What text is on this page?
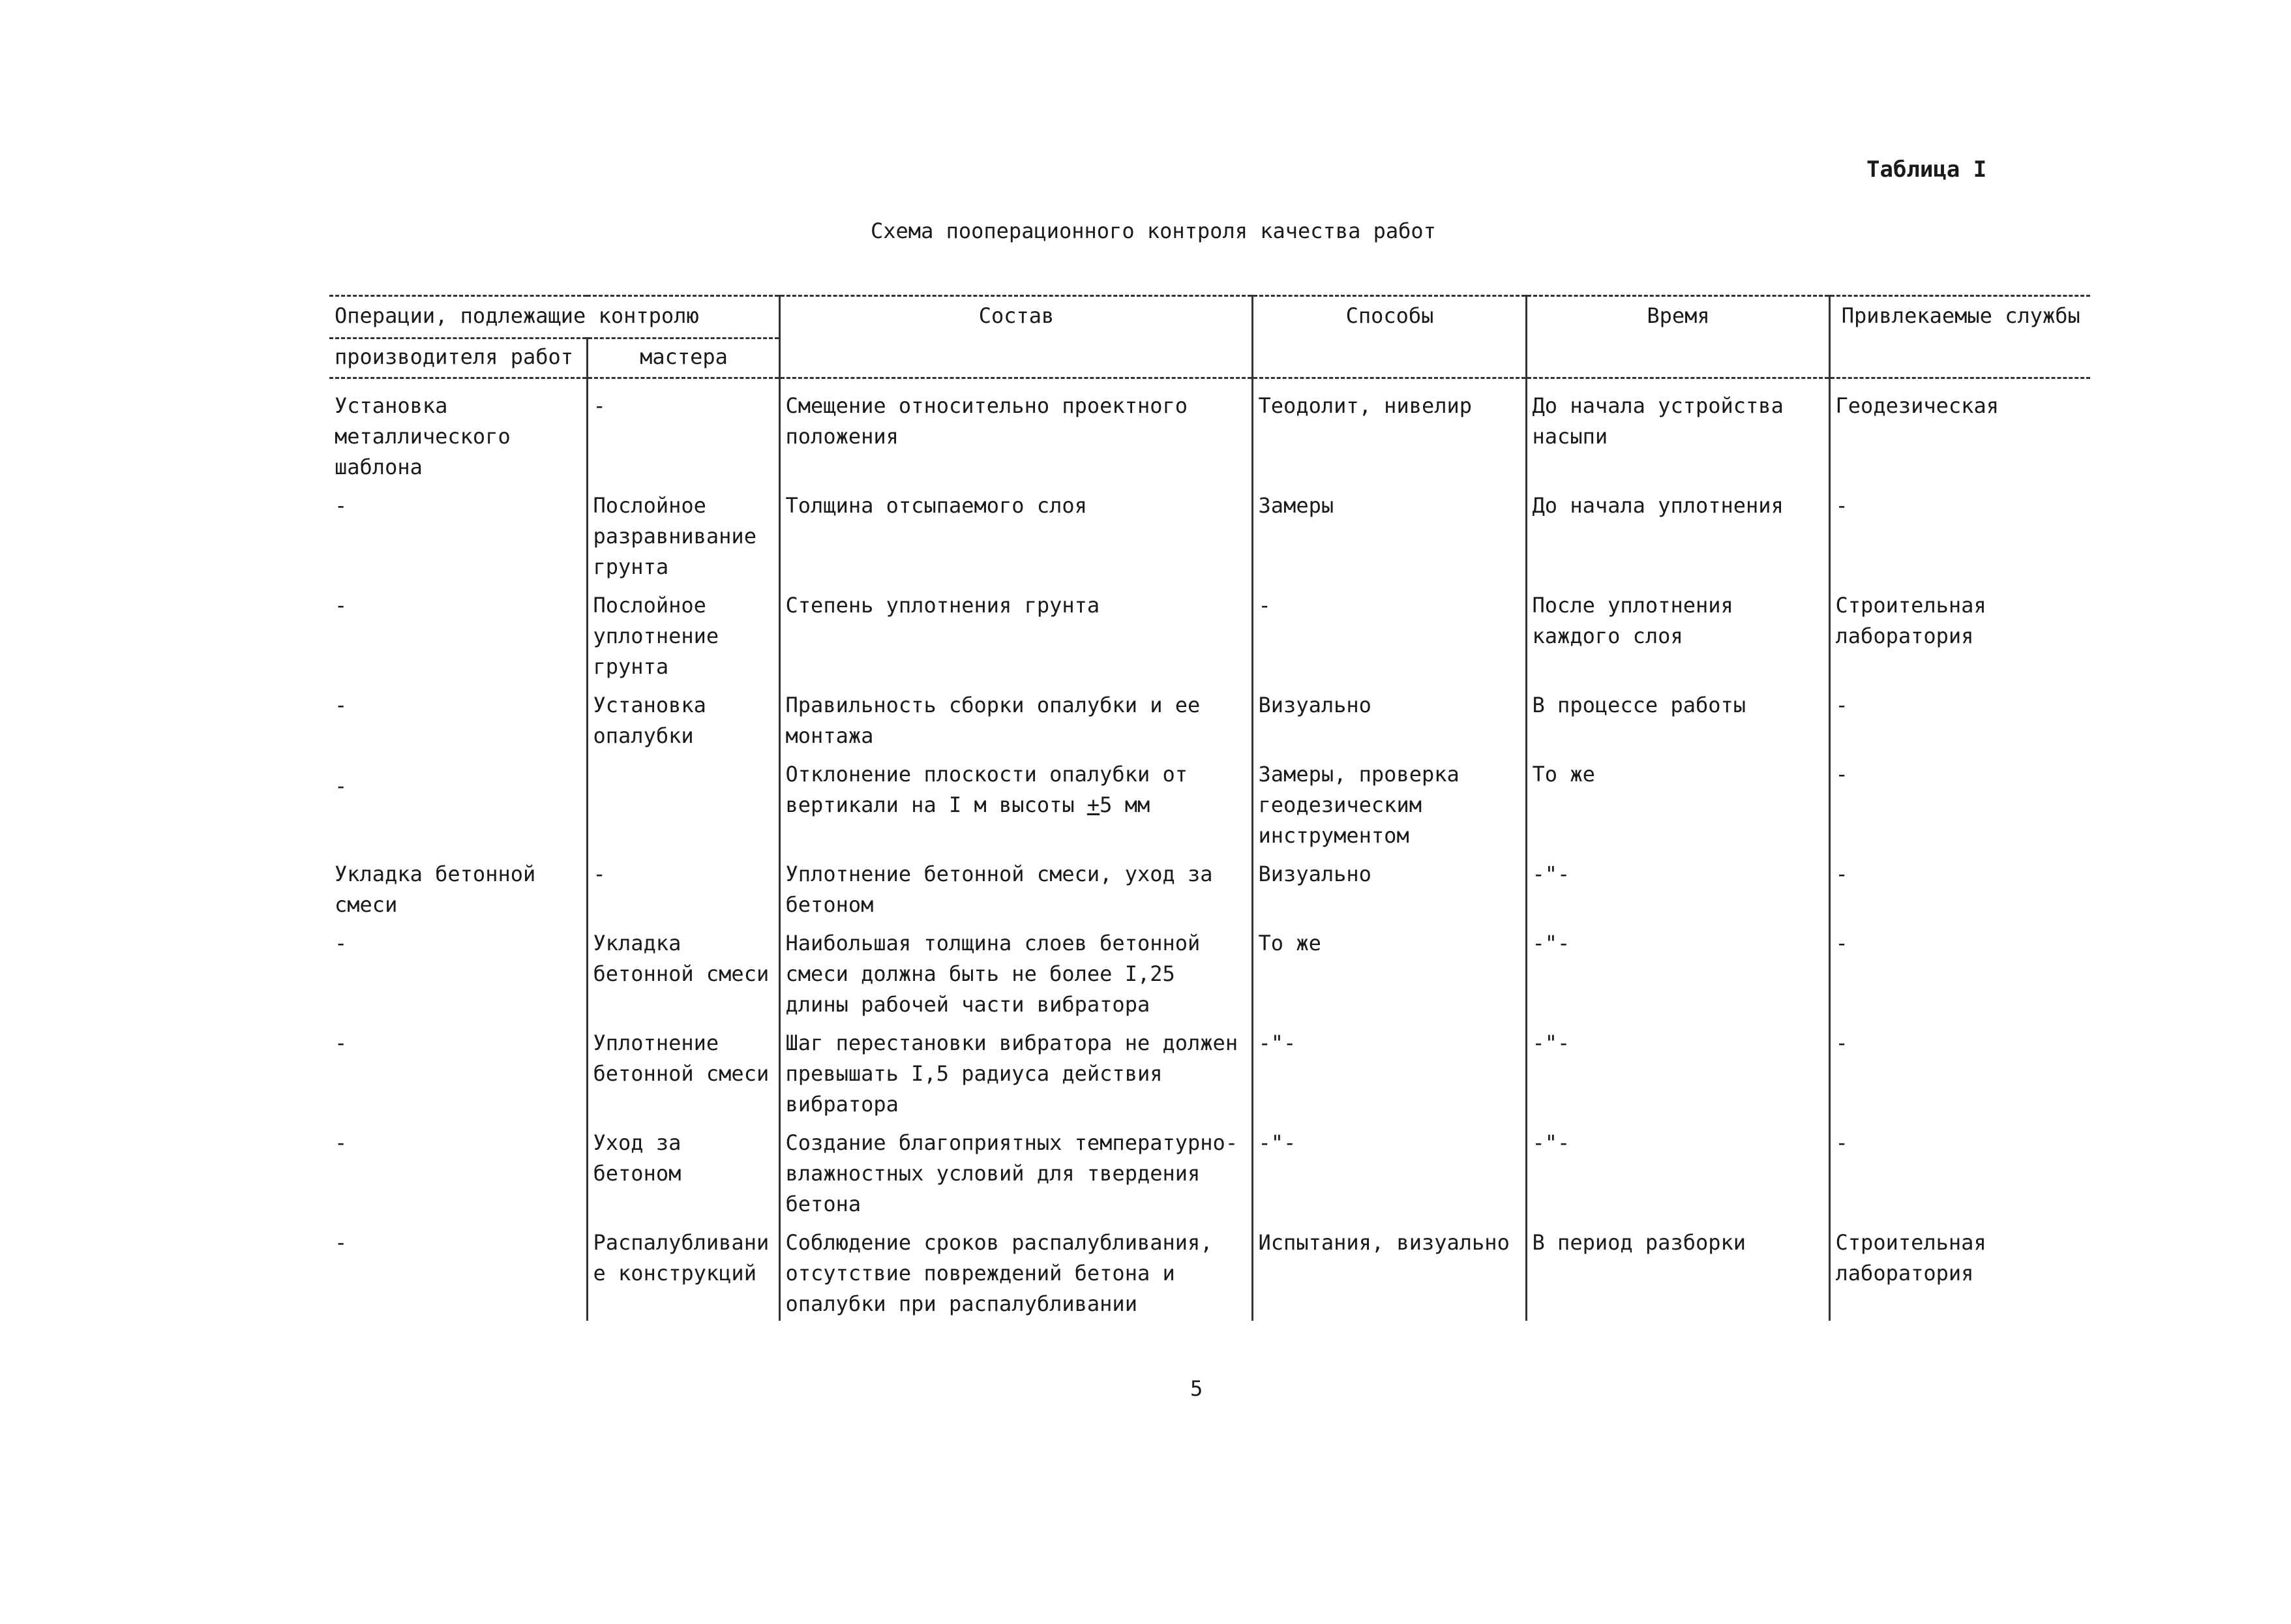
Таблица I
Схема пооперационного контроля качества работ
Операции, подлежащие контролю		Состав	Способы	Время	Привлекаемые службы
производителя работ	мастера				
Установка металлического шаблона	-	Смещение относительно проектного положения	Теодолит, нивелир	До начала устройства насыпи	Геодезическая
-	Послойное разравнивание грунта	Толщина отсыпаемого слоя	Замеры	До начала уплотнения	-
-	Послойное уплотнение грунта	Степень уплотнения грунта	-	После уплотнения каждого слоя	Строительная лаборатория
-	Установка опалубки	Правильность сборки опалубки и ее монтажа	Визуально	В процессе работы	-
-		Отклонение плоскости опалубки от вертикали на I м высоты +5 мм	Замеры, проверка геодезическим инструментом	То же	-
Укладка бетонной смеси	-	Уплотнение бетонной смеси, уход за бетоном	Визуально	-"-	-
-	Укладка бетонной смеси	Наибольшая толщина слоев бетонной смеси должна быть не более I,25 длины рабочей части вибратора	То же	-"-	-
-	Уплотнение бетонной смеси	Шаг перестановки вибратора не должен превышать I,5 радиуса действия вибратора	-"-	-"-	-
-	Уход за бетоном	Создание благоприятных температурно-влажностных условий для твердения бетона	-"-	-"-	-
-	Распалубливание конструкций	Соблюдение сроков распалубливания, отсутствие повреждений бетона и опалубки при распалубливании	Испытания, визуально	В период разборки	Строительная лаборатория
5
